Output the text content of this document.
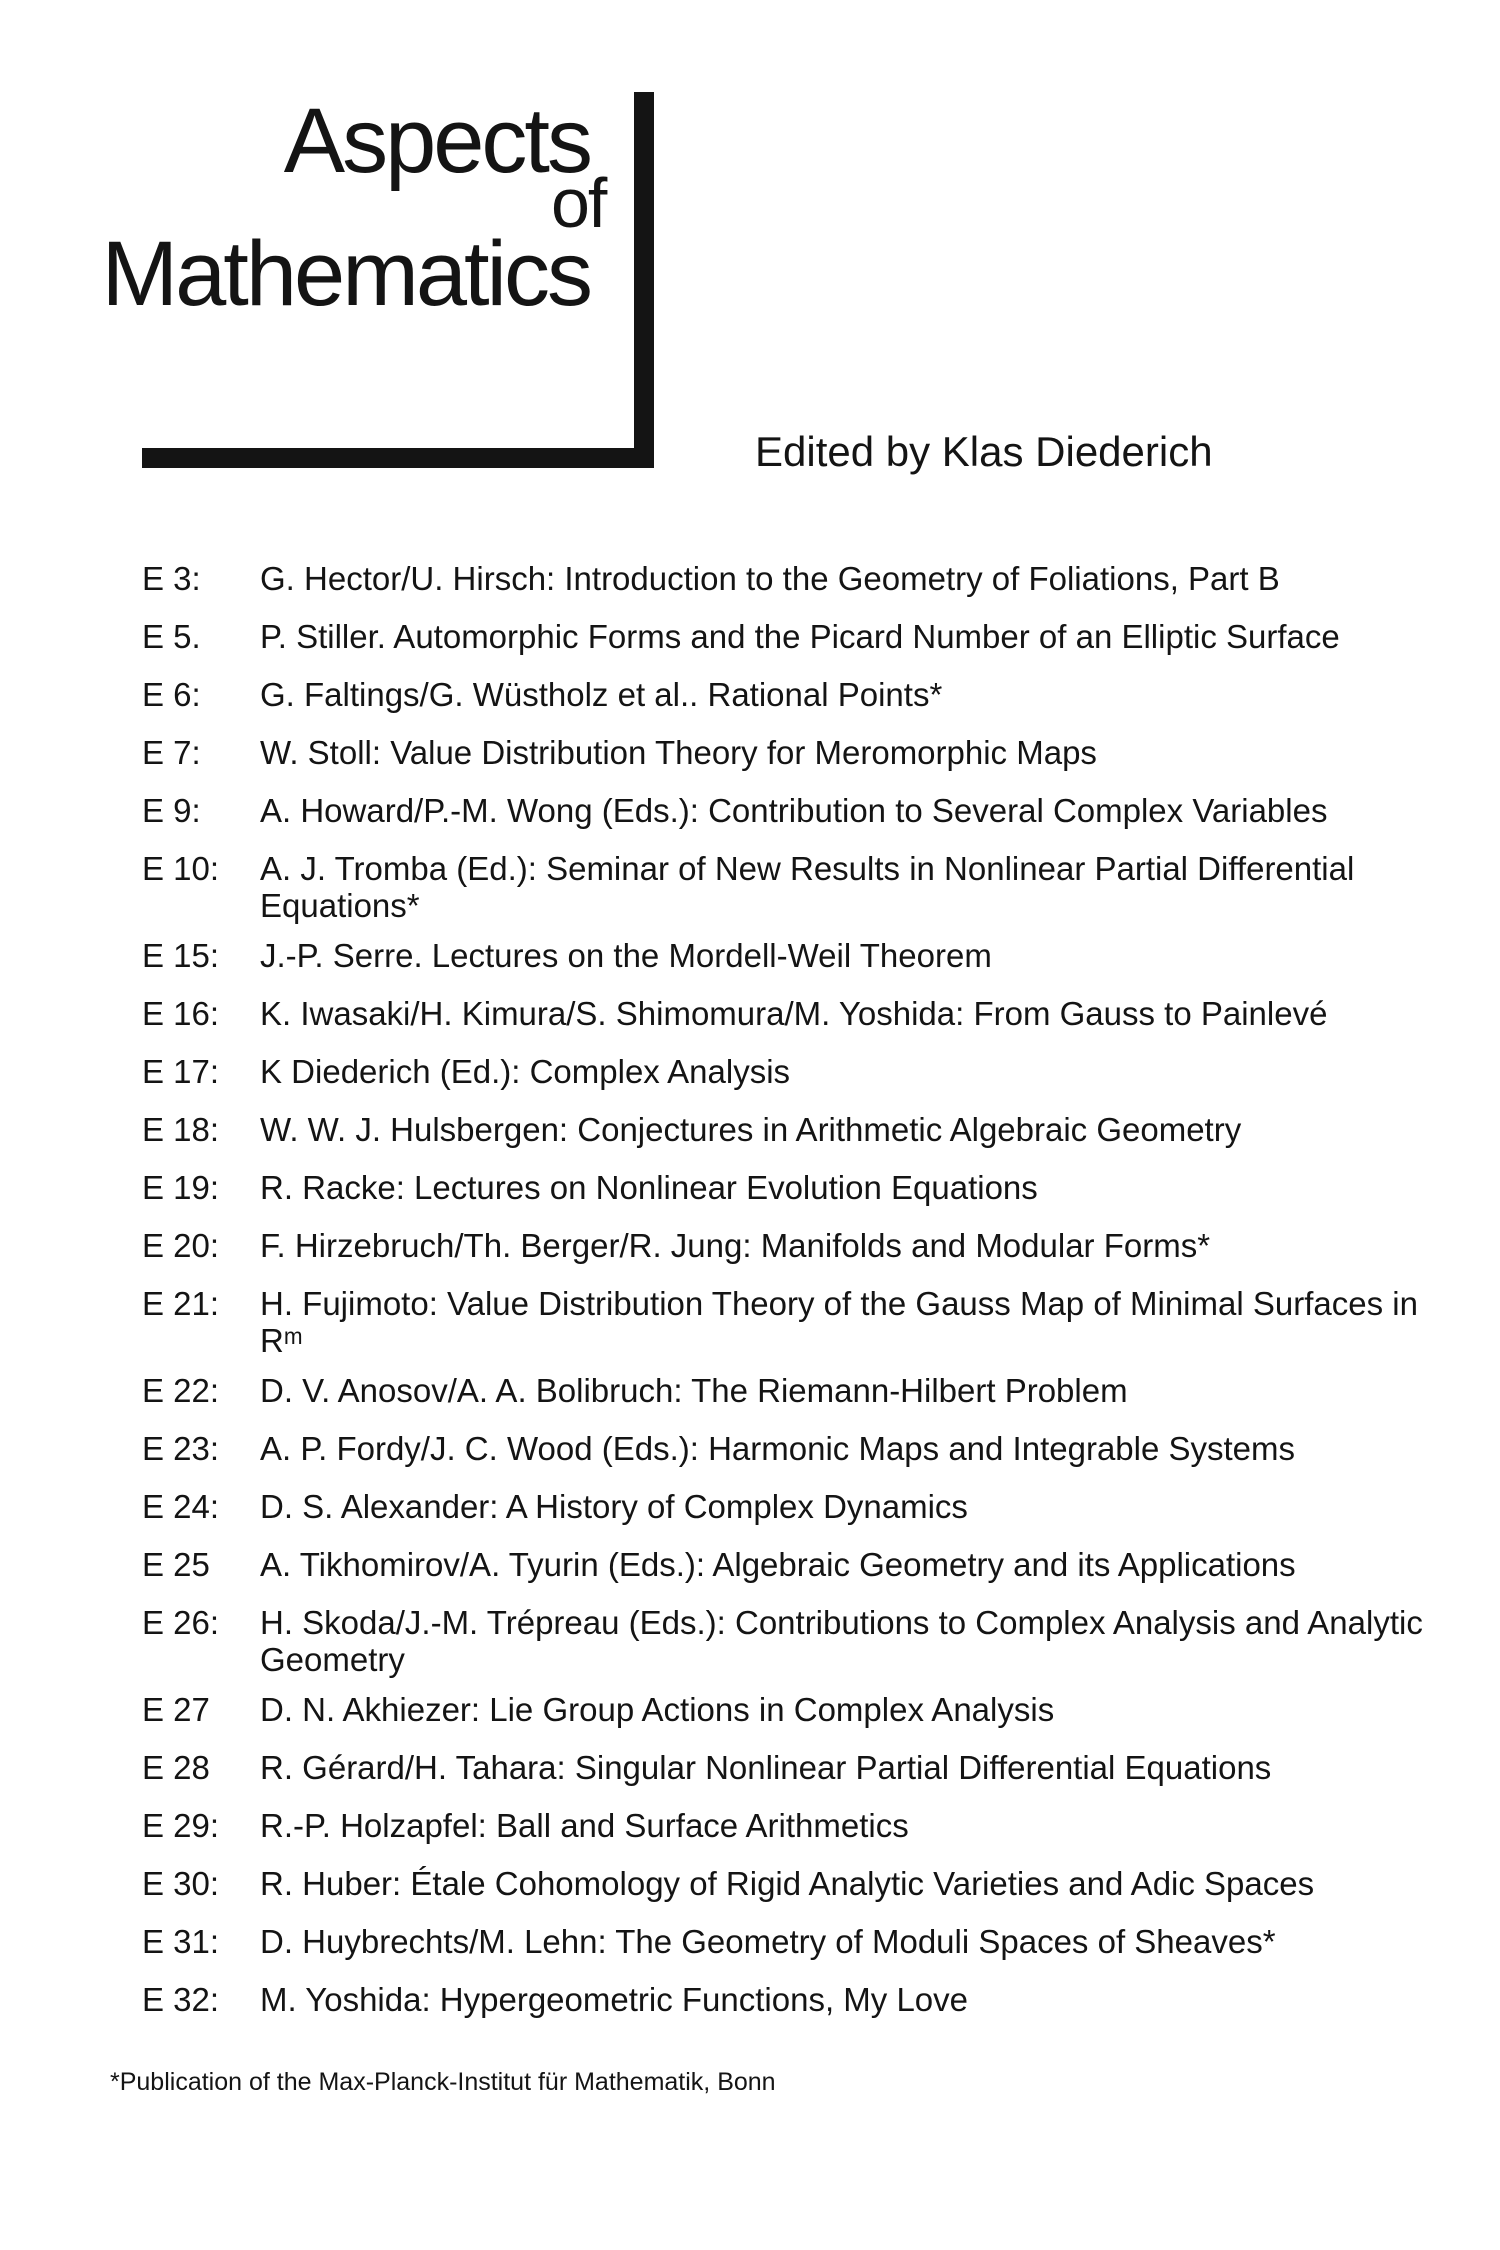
Aspects
of
Mathematics
Edited by Klas Diederich
E 3:	G. Hector/U. Hirsch: Introduction to the Geometry of Foliations, Part B
E 5.	P. Stiller. Automorphic Forms and the Picard Number of an Elliptic Surface
E 6:	G. Faltings/G. Wüstholz et al.. Rational Points*
E 7:	W. Stoll: Value Distribution Theory for Meromorphic Maps
E 9:	A. Howard/P.-M. Wong (Eds.): Contribution to Several Complex Variables
E 10:	A. J. Tromba (Ed.): Seminar of New Results in Nonlinear Partial Differential Equations*
E 15:	J.-P. Serre. Lectures on the Mordell-Weil Theorem
E 16:	K. Iwasaki/H. Kimura/S. Shimomura/M. Yoshida: From Gauss to Painlevé
E 17:	K Diederich (Ed.): Complex Analysis
E 18:	W. W. J. Hulsbergen: Conjectures in Arithmetic Algebraic Geometry
E 19:	R. Racke: Lectures on Nonlinear Evolution Equations
E 20:	F. Hirzebruch/Th. Berger/R. Jung: Manifolds and Modular Forms*
E 21:	H. Fujimoto: Value Distribution Theory of the Gauss Map of Minimal Surfaces in Rᵐ
E 22:	D. V. Anosov/A. A. Bolibruch: The Riemann-Hilbert Problem
E 23:	A. P. Fordy/J. C. Wood (Eds.): Harmonic Maps and Integrable Systems
E 24:	D. S. Alexander: A History of Complex Dynamics
E 25	A. Tikhomirov/A. Tyurin (Eds.): Algebraic Geometry and its Applications
E 26:	H. Skoda/J.-M. Trépreau (Eds.): Contributions to Complex Analysis and Analytic Geometry
E 27	D. N. Akhiezer: Lie Group Actions in Complex Analysis
E 28	R. Gérard/H. Tahara: Singular Nonlinear Partial Differential Equations
E 29:	R.-P. Holzapfel: Ball and Surface Arithmetics
E 30:	R. Huber: Étale Cohomology of Rigid Analytic Varieties and Adic Spaces
E 31:	D. Huybrechts/M. Lehn: The Geometry of Moduli Spaces of Sheaves*
E 32:	M. Yoshida: Hypergeometric Functions, My Love
*Publication of the Max-Planck-Institut für Mathematik, Bonn
